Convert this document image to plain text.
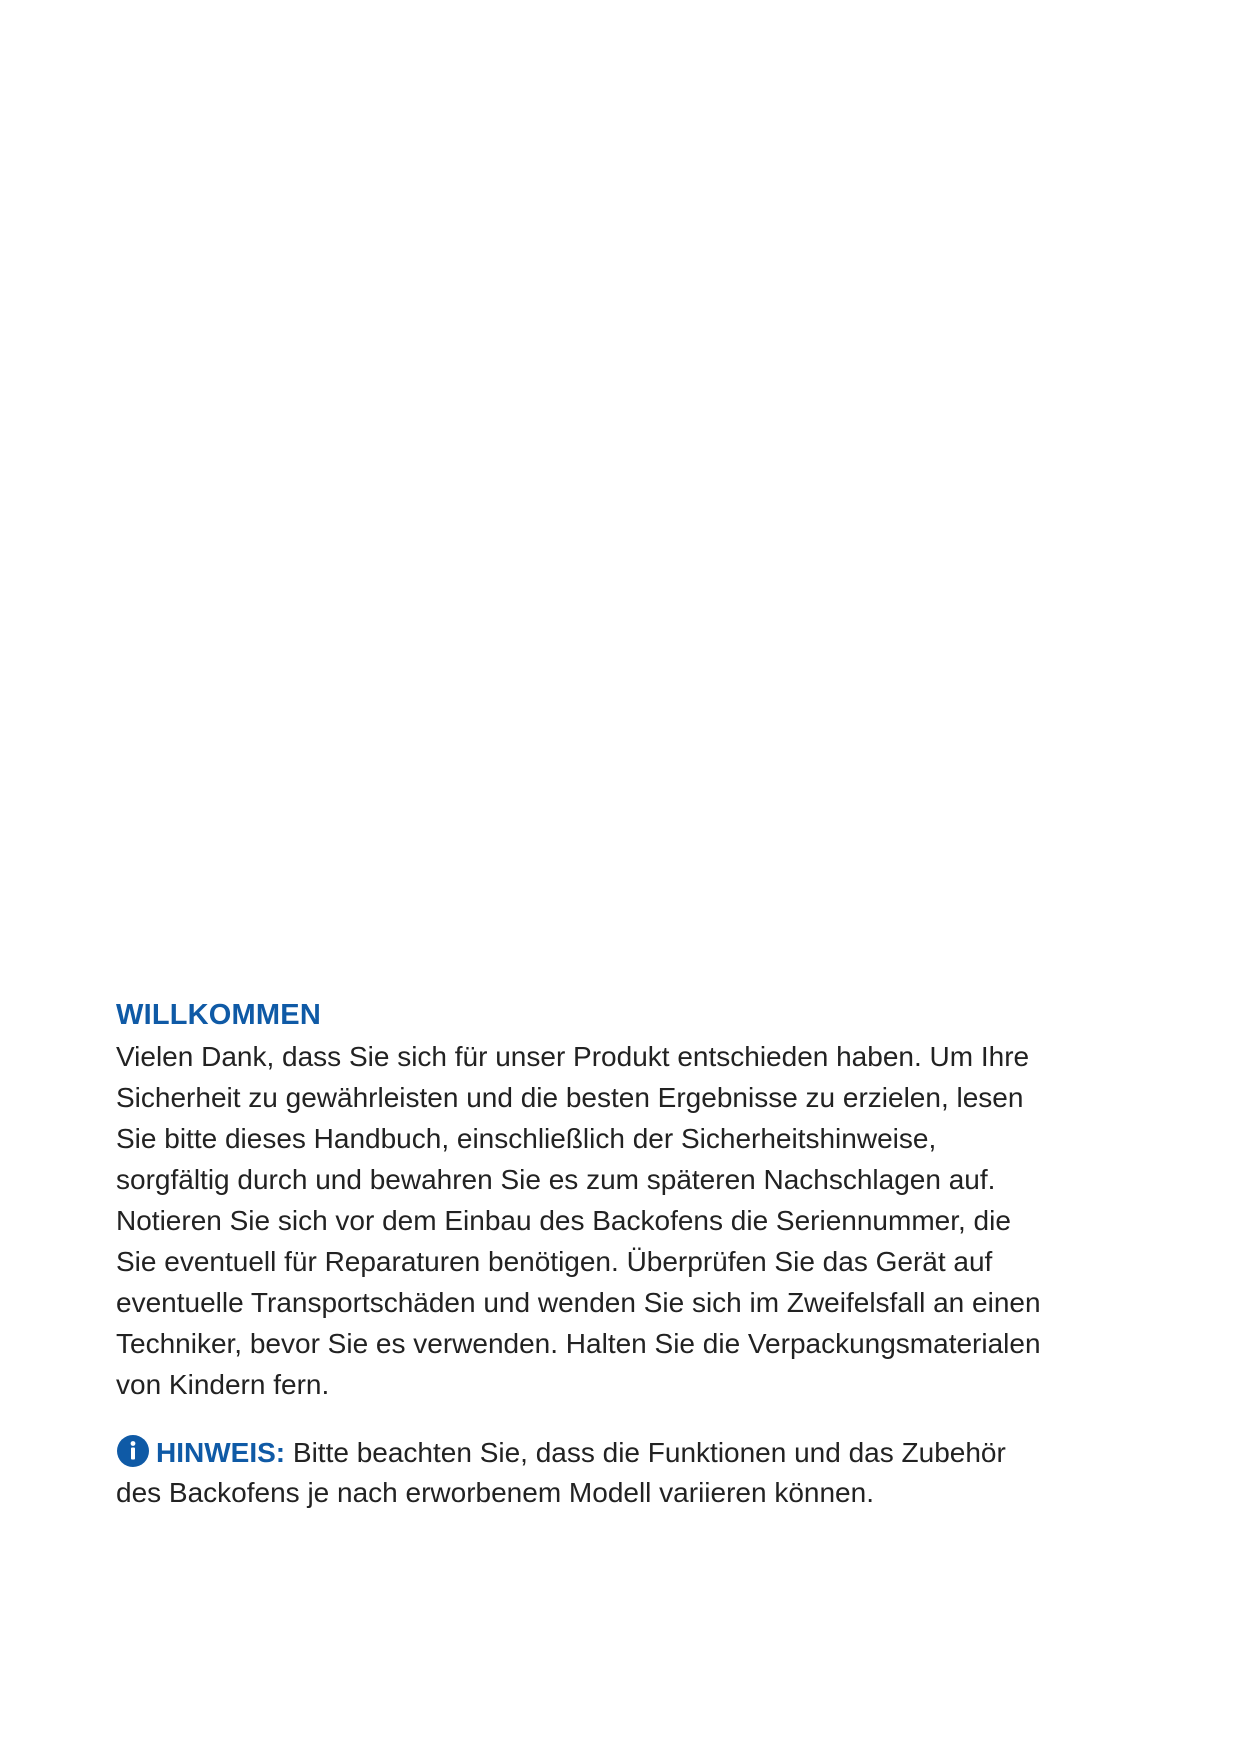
WILLKOMMEN

Vielen Dank, dass Sie sich für unser Produkt entschieden haben. Um Ihre
Sicherheit zu gewährleisten und die besten Ergebnisse zu erzielen, lesen
Sie bitte dieses Handbuch, einschließlich der Sicherheitshinweise,
sorgfältig durch und bewahren Sie es zum späteren Nachschlagen auf.
Notieren Sie sich vor dem Einbau des Backofens die Seriennummer, die
Sie eventuell für Reparaturen benötigen. Überprüfen Sie das Gerät auf
eventuelle Transportschäden und wenden Sie sich im Zweifelsfall an einen
Techniker, bevor Sie es verwenden. Halten Sie die Verpackungsmaterialen
von Kindern fern.

HINWEIS: Bitte beachten Sie, dass die Funktionen und das Zubehör
des Backofens je nach erworbenem Modell variieren können.
